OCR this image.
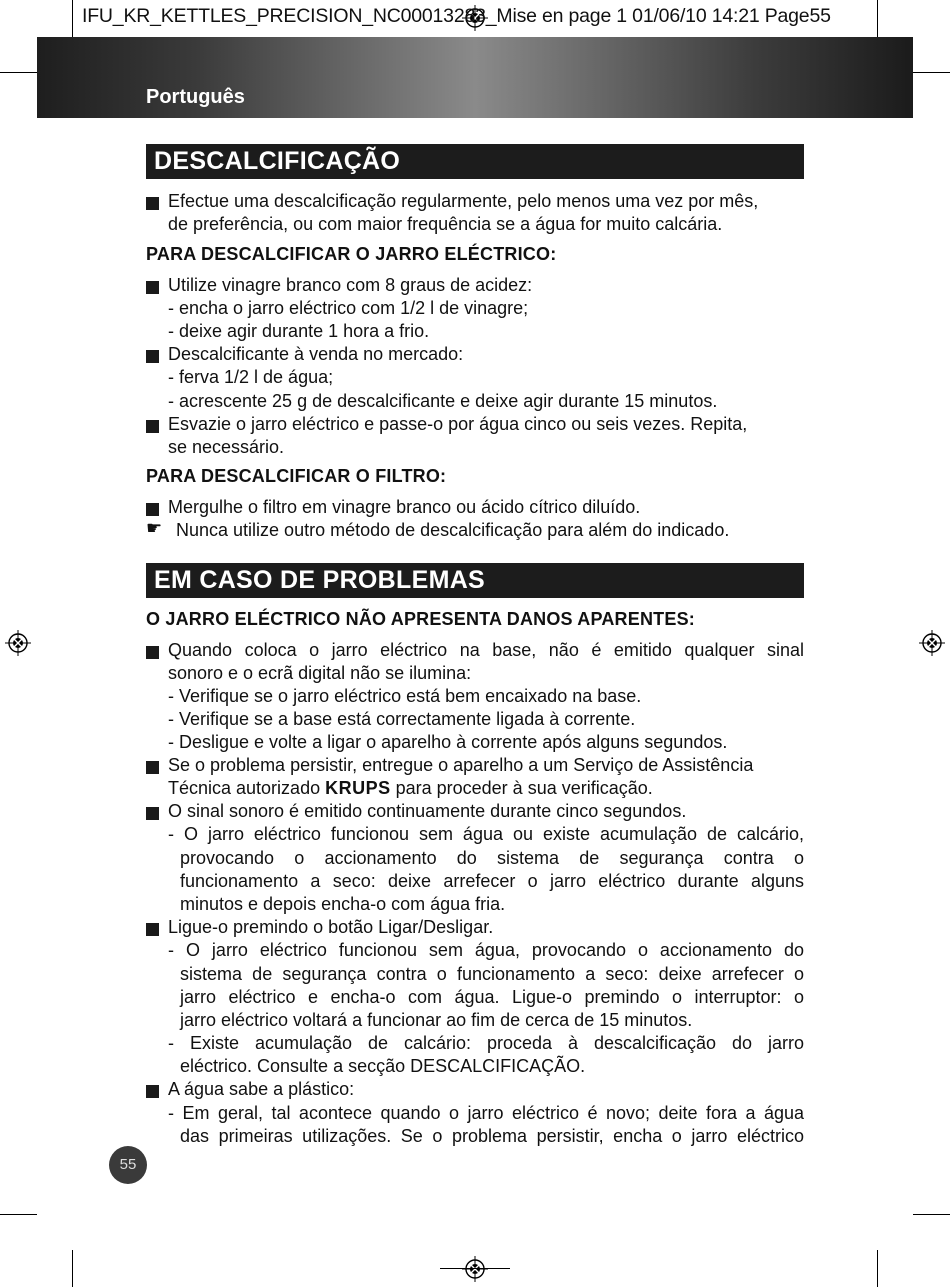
IFU_KR_KETTLES_PRECISION_NC00013283_Mise en page 1 01/06/10 14:21 Page55
Português
DESCALCIFICAÇÃO
Efectue uma descalcificação regularmente, pelo menos uma vez por mês,
de preferência, ou com maior frequência se a água for muito calcária.
PARA DESCALCIFICAR O JARRO ELÉCTRICO:
Utilize vinagre branco com 8 graus de acidez:
- encha o jarro eléctrico com 1/2 l de vinagre;
- deixe agir durante 1 hora a frio.
Descalcificante à venda no mercado:
- ferva 1/2 l de água;
- acrescente 25 g de descalcificante e deixe agir durante 15 minutos.
Esvazie o jarro eléctrico e passe-o por água cinco ou seis vezes. Repita,
se necessário.
PARA DESCALCIFICAR O FILTRO:
Mergulhe o filtro em vinagre branco ou ácido cítrico diluído.
☛ Nunca utilize outro método de descalcificação para além do indicado.
EM CASO DE PROBLEMAS
O JARRO ELÉCTRICO NÃO APRESENTA DANOS APARENTES:
Quando coloca o jarro eléctrico na base, não é emitido qualquer sinal
sonoro e o ecrã digital não se ilumina:
- Verifique se o jarro eléctrico está bem encaixado na base.
- Verifique se a base está correctamente ligada à corrente.
- Desligue e volte a ligar o aparelho à corrente após alguns segundos.
Se o problema persistir, entregue o aparelho a um Serviço de Assistência
Técnica autorizado KRUPS para proceder à sua verificação.
O sinal sonoro é emitido continuamente durante cinco segundos.
- O jarro eléctrico funcionou sem água ou existe acumulação de calcário,
provocando o accionamento do sistema de segurança contra o
funcionamento a seco: deixe arrefecer o jarro eléctrico durante alguns
minutos e depois encha-o com água fria.
Ligue-o premindo o botão Ligar/Desligar.
- O jarro eléctrico funcionou sem água, provocando o accionamento do
sistema de segurança contra o funcionamento a seco: deixe arrefecer o
jarro eléctrico e encha-o com água. Ligue-o premindo o interruptor: o
jarro eléctrico voltará a funcionar ao fim de cerca de 15 minutos.
- Existe acumulação de calcário: proceda à descalcificação do jarro
eléctrico. Consulte a secção DESCALCIFICAÇÃO.
A água sabe a plástico:
- Em geral, tal acontece quando o jarro eléctrico é novo; deite fora a água
das primeiras utilizações. Se o problema persistir, encha o jarro eléctrico
55
